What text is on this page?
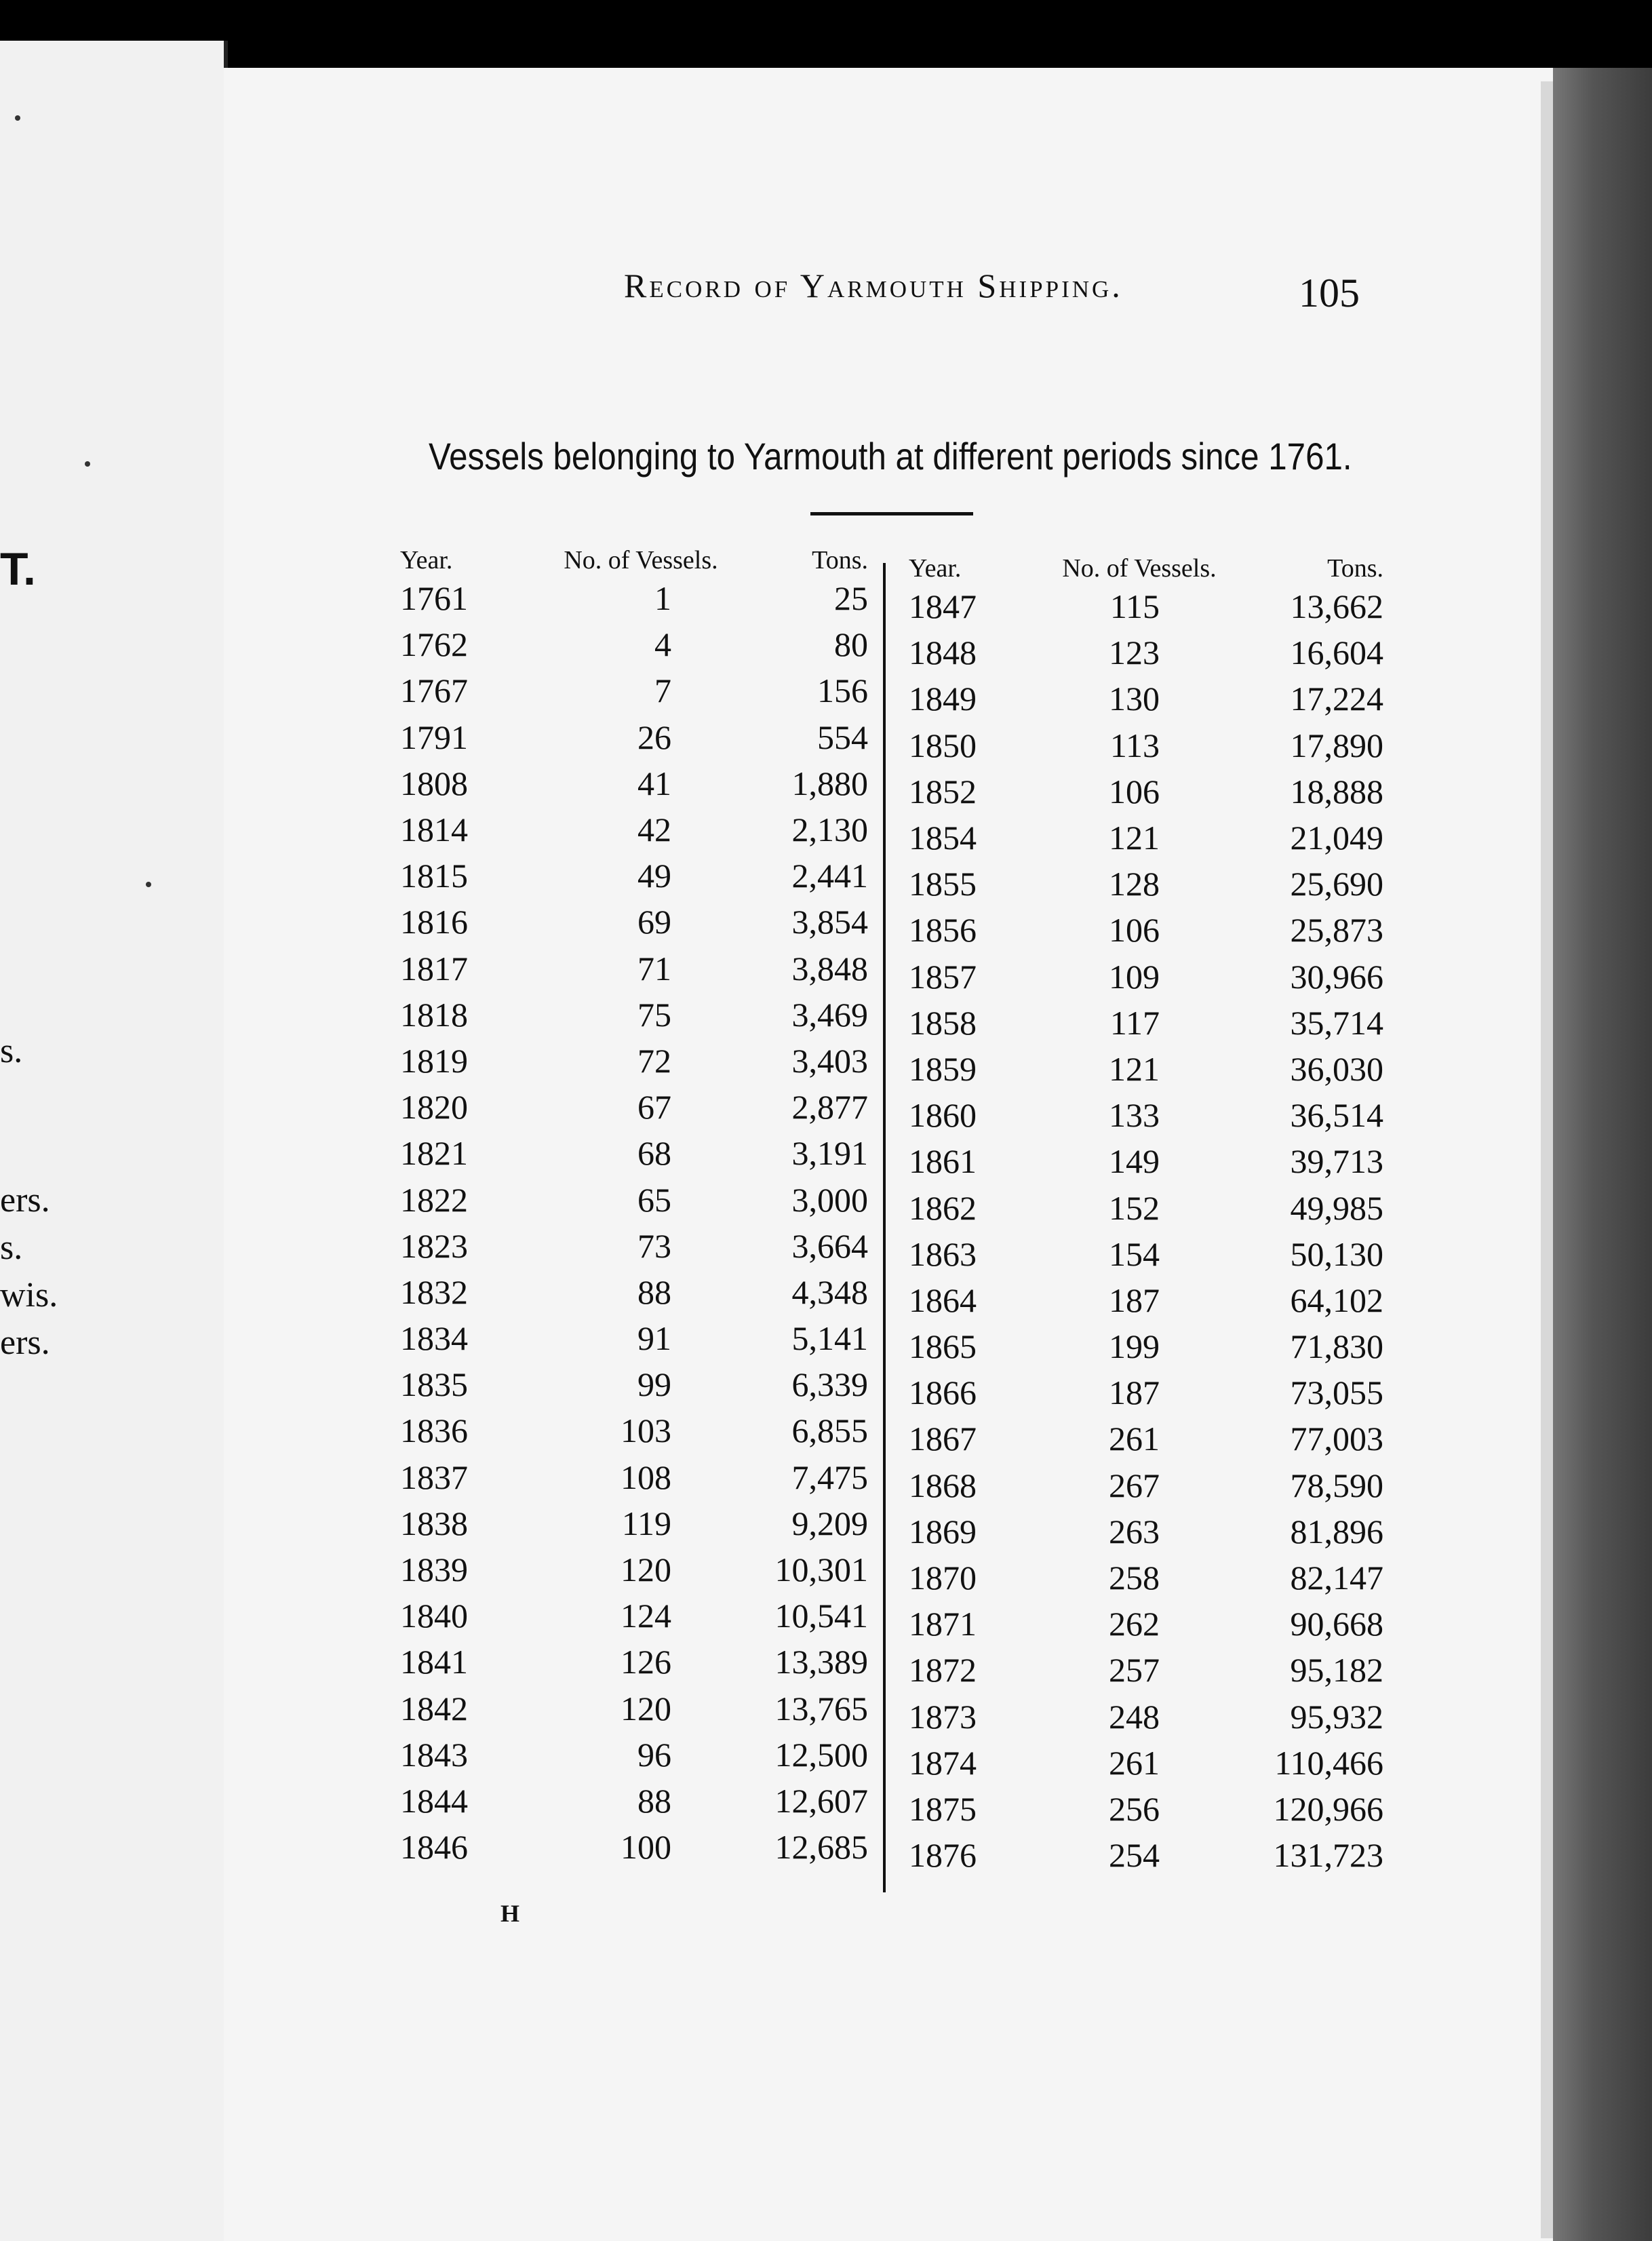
T.
s.
ers.
s.
wis.
ers.
Record of Yarmouth Shipping.	105
Vessels belonging to Yarmouth at different periods since 1761.
Year.	No. of Vessels.	Tons.
1761	1	25
1762	4	80
1767	7	156
1791	26	554
1808	41	1,880
1814	42	2,130
1815	49	2,441
1816	69	3,854
1817	71	3,848
1818	75	3,469
1819	72	3,403
1820	67	2,877
1821	68	3,191
1822	65	3,000
1823	73	3,664
1832	88	4,348
1834	91	5,141
1835	99	6,339
1836	103	6,855
1837	108	7,475
1838	119	9,209
1839	120	10,301
1840	124	10,541
1841	126	13,389
1842	120	13,765
1843	96	12,500
1844	88	12,607
1846	100	12,685
Year.	No. of Vessels.	Tons.
1847	115	13,662
1848	123	16,604
1849	130	17,224
1850	113	17,890
1852	106	18,888
1854	121	21,049
1855	128	25,690
1856	106	25,873
1857	109	30,966
1858	117	35,714
1859	121	36,030
1860	133	36,514
1861	149	39,713
1862	152	49,985
1863	154	50,130
1864	187	64,102
1865	199	71,830
1866	187	73,055
1867	261	77,003
1868	267	78,590
1869	263	81,896
1870	258	82,147
1871	262	90,668
1872	257	95,182
1873	248	95,932
1874	261	110,466
1875	256	120,966
1876	254	131,723
H
